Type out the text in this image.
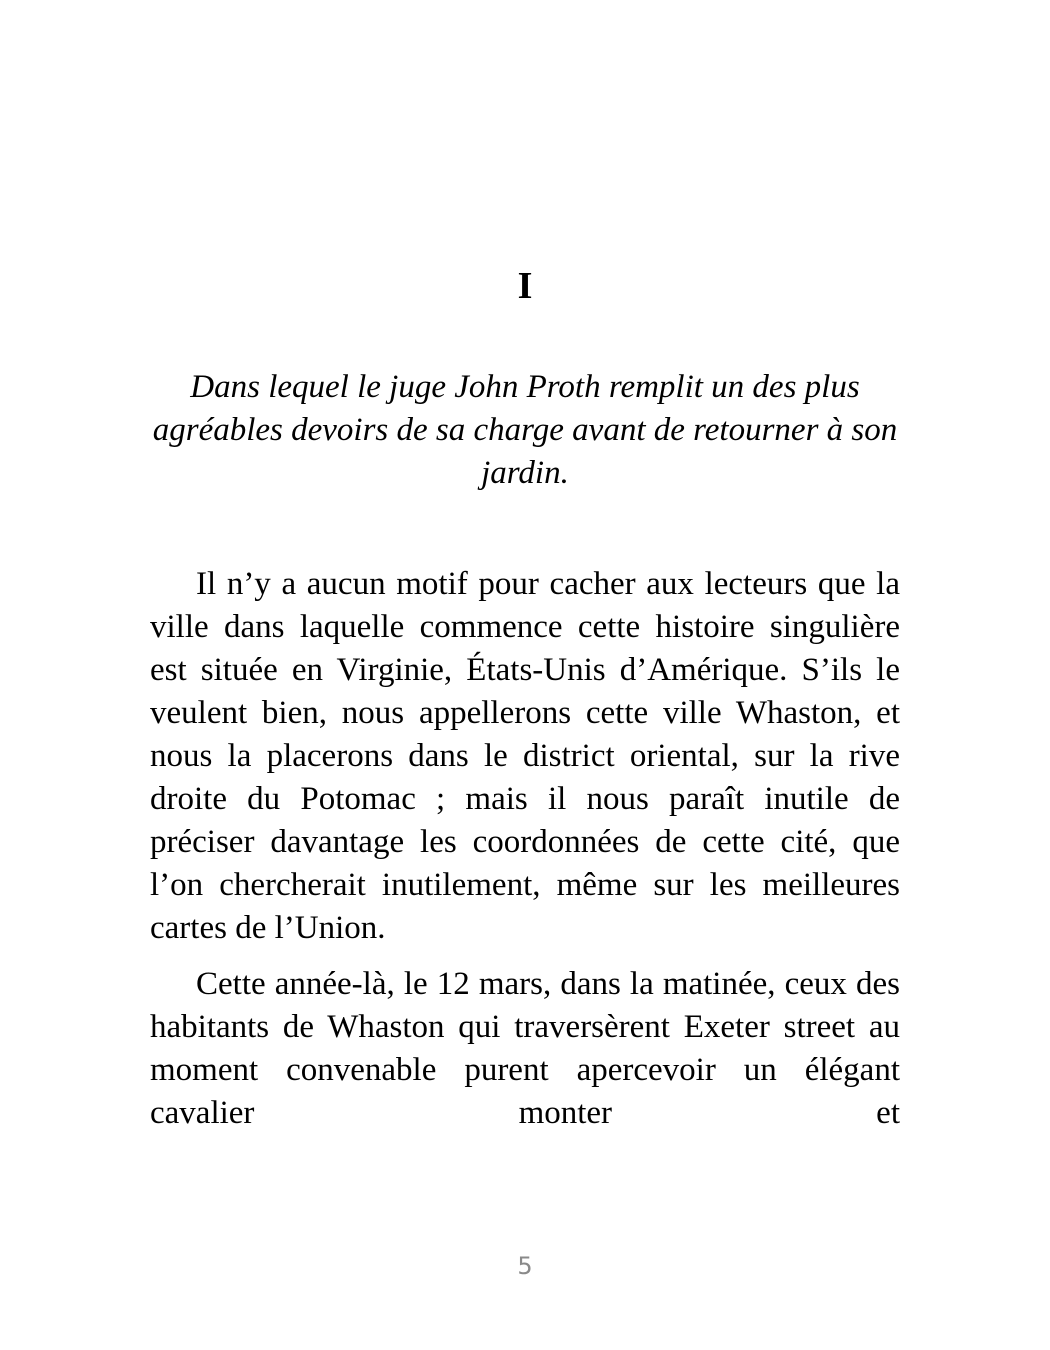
I

Dans lequel le juge John Proth remplit un des plus agréables devoirs de sa charge avant de retourner à son jardin.

Il n’y a aucun motif pour cacher aux lecteurs que la ville dans laquelle commence cette histoire singulière est située en Virginie, États-Unis d’Amérique. S’ils le veulent bien, nous appellerons cette ville Whaston, et nous la placerons dans le district oriental, sur la rive droite du Potomac ; mais il nous paraît inutile de préciser davantage les coordonnées de cette cité, que l’on chercherait inutilement, même sur les meilleures cartes de l’Union.

Cette année-là, le 12 mars, dans la matinée, ceux des habitants de Whaston qui traversèrent Exeter street au moment convenable purent apercevoir un élégant cavalier monter et

5
